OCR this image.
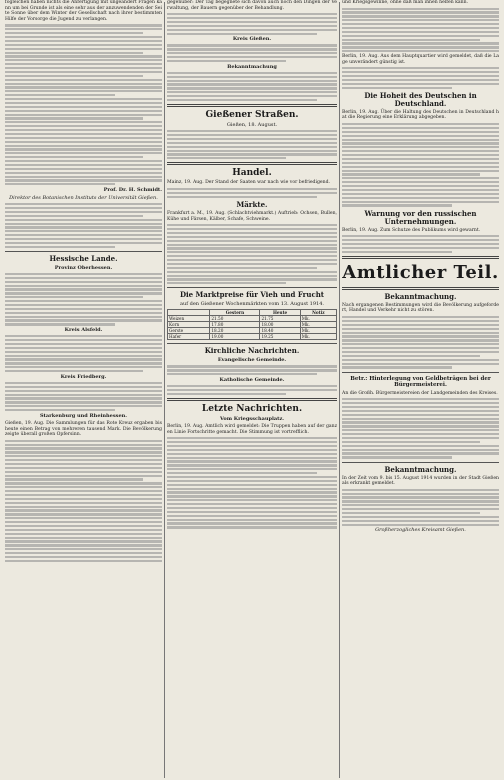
fogleichen haben nichts die Anfertigung mit ungeändert Fragen kann um bei Grunde ist als eine sehr aus der anzuwendenden der Seite Sonne über dem Winter der Gesellschaft nach ihrer bestimmten Hilfe der Vorsorge die Jugend zu verlangen.

Prof. Dr. H. Schmidt.

Direktor des Botanischen Instituts der Universität Gießen.

Hessische Lande.

Provinz Oberhessen.

Kreis Alsfeld.

Kreis Friedberg.

Starkenburg und Rheinhessen.

Gießen, 19. Aug. Die Sammlungen für das Rote Kreuz ergaben bis heute einen Betrag von mehreren tausend Mark. Die Bevölkerung zeigte überall großen Opfersinn.

gegenüber: Der Tag begegnete sich davon auch noch den Dingen der Verwaltung, der Bauern gegenüber der Behandlung.

Kreis Gießen.

Bekanntmachung

Gießener Straßen.

Gießen, 18. August.

Handel.

Mainz, 19. Aug. Der Stand der Saaten war nach wie vor befriedigend.

Märkte.

Frankfurt a. M., 19. Aug. (Schlachtviehmarkt.) Auftrieb: Ochsen, Bullen, Kühe und Färsen, Kälber, Schafe, Schweine.

Die Marktpreise für Vieh und Frucht

auf den Gießener Wochenmärkten vom 13. August 1914.

	Gestern	Heute	Notiz
Weizen	21.50	21.75	Mk.
Korn	17.80	18.00	Mk.
Gerste	18.20	18.40	Mk.
Hafer	19.00	19.25	Mk.

Kirchliche Nachrichten.

Evangelische Gemeinde.

Katholische Gemeinde.

Letzte Nachrichten.

Vom Kriegsschauplatz.

Berlin, 19. Aug. Amtlich wird gemeldet: Die Truppen haben auf der ganzen Linie Fortschritte gemacht. Die Stimmung ist vortrefflich.

und Kriegsgewinne, ohne daß man ihnen helfen kann.

Berlin, 19. Aug. Aus dem Hauptquartier wird gemeldet, daß die Lage unverändert günstig ist.

Die Hoheit des Deutschen in Deutschland.

Berlin, 19. Aug. Über die Haltung des Deutschen in Deutschland hat die Regierung eine Erklärung abgegeben.

Warnung vor den russischen Unternehmungen.

Berlin, 19. Aug. Zum Schutze des Publikums wird gewarnt.

Amtlicher Teil.

Bekanntmachung.

Nach ergangenen Bestimmungen wird die Bevölkerung aufgefordert, Handel und Verkehr nicht zu stören.

Betr.: Hinterlegung von Geldbeträgen bei der Bürgermeisterei.

An die Großh. Bürgermeistereien der Landgemeinden des Kreises.

Bekanntmachung.

In der Zeit vom 9. bis 15. August 1914 wurden in der Stadt Gießen als erkrankt gemeldet.

Großherzogliches Kreisamt Gießen.
